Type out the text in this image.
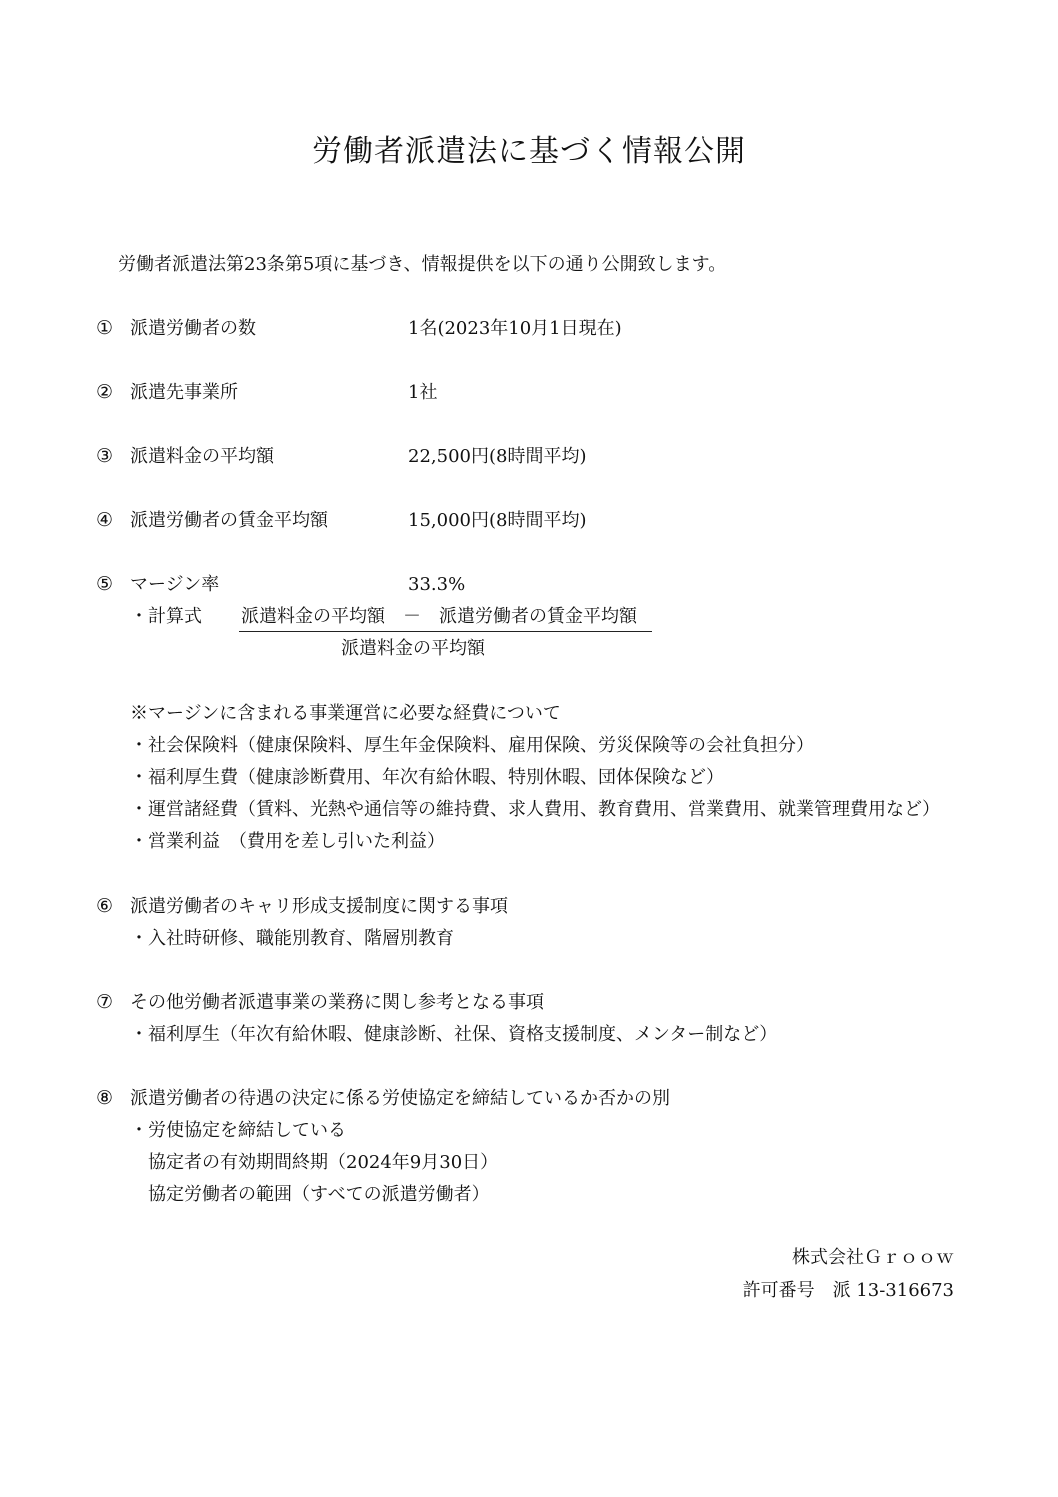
労働者派遣法に基づく情報公開
労働者派遣法第23条第5項に基づき、情報提供を以下の通り公開致します。
① 派遣労働者の数	1名(2023年10月1日現在)
② 派遣先事業所	1社
③ 派遣料金の平均額	22,500円(8時間平均)
④ 派遣労働者の賃金平均額	15,000円(8時間平均)
⑤ マージン率	33.3%
・計算式 派遣料金の平均額　－　派遣労働者の賃金平均額
派遣料金の平均額
※マージンに含まれる事業運営に必要な経費について
・社会保険料（健康保険料、厚生年金保険料、雇用保険、労災保険等の会社負担分）
・福利厚生費（健康診断費用、年次有給休暇、特別休暇、団体保険など）
・運営諸経費（賃料、光熱や通信等の維持費、求人費用、教育費用、営業費用、就業管理費用など）
・営業利益　（費用を差し引いた利益）
⑥ 派遣労働者のキャリ形成支援制度に関する事項
・入社時研修、職能別教育、階層別教育
⑦ その他労働者派遣事業の業務に関し参考となる事項
・福利厚生（年次有給休暇、健康診断、社保、資格支援制度、メンター制など）
⑧ 派遣労働者の待遇の決定に係る労使協定を締結しているか否かの別
・労使協定を締結している
協定者の有効期間終期（2024年9月30日）
協定労働者の範囲（すべての派遣労働者）
株式会社Ｇｒｏｏｗ
許可番号　派 13-316673
